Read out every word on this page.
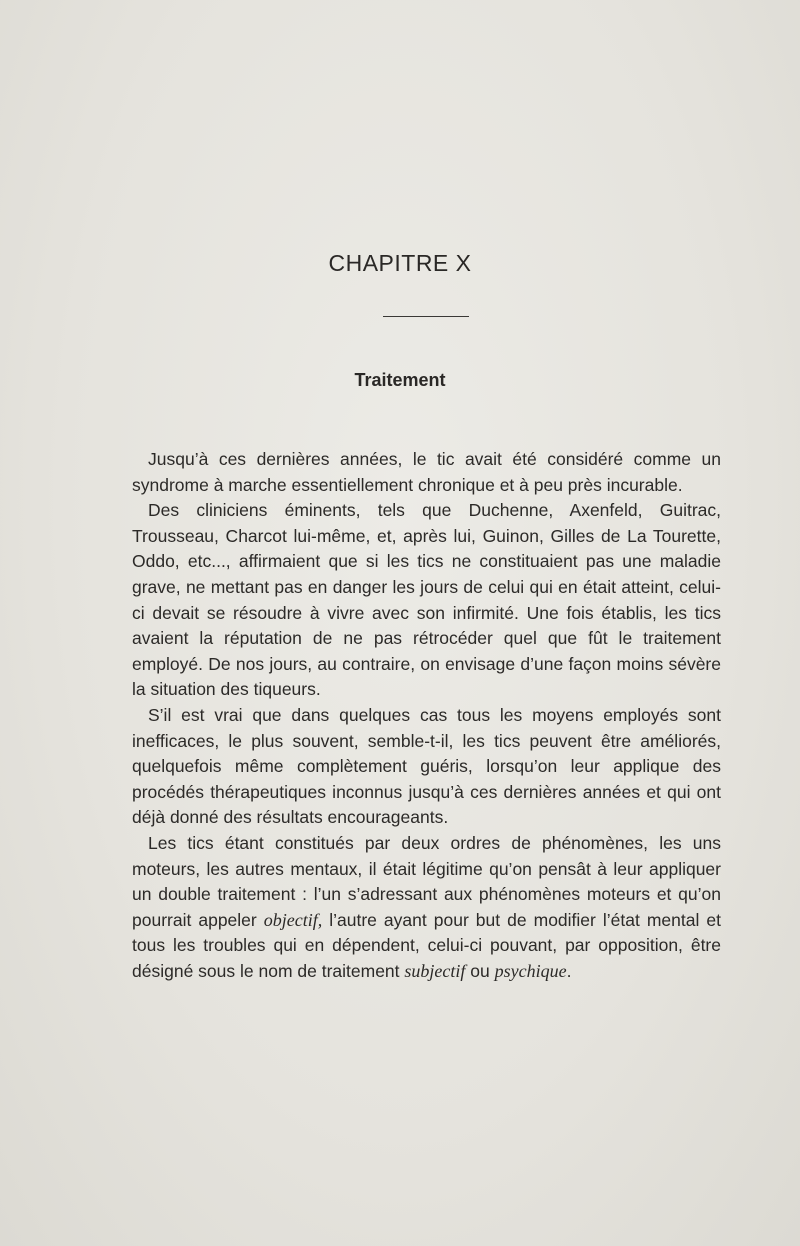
CHAPITRE X
Traitement

Jusqu’à ces dernières années, le tic avait été considéré comme un syndrome à marche essentiellement chronique et à peu près incurable.

Des cliniciens éminents, tels que Duchenne, Axenfeld, Guitrac, Trousseau, Charcot lui-même, et, après lui, Guinon, Gilles de La Tourette, Oddo, etc..., affirmaient que si les tics ne constituaient pas une maladie grave, ne mettant pas en danger les jours de celui qui en était atteint, celui-ci devait se résoudre à vivre avec son infirmité. Une fois établis, les tics avaient la réputation de ne pas rétrocéder quel que fût le traitement employé. De nos jours, au contraire, on envisage d’une façon moins sévère la situation des tiqueurs.

S’il est vrai que dans quelques cas tous les moyens employés sont inefficaces, le plus souvent, semble-t-il, les tics peuvent être améliorés, quelquefois même complètement guéris, lorsqu’on leur applique des procédés thérapeutiques inconnus jusqu’à ces dernières années et qui ont déjà donné des résultats encourageants.

Les tics étant constitués par deux ordres de phénomènes, les uns moteurs, les autres mentaux, il était légitime qu’on pensât à leur appliquer un double traitement : l’un s’adressant aux phénomènes moteurs et qu’on pourrait appeler objectif, l’autre ayant pour but de modifier l’état mental et tous les troubles qui en dépendent, celui-ci pouvant, par opposition, être désigné sous le nom de traitement subjectif ou psychique.
